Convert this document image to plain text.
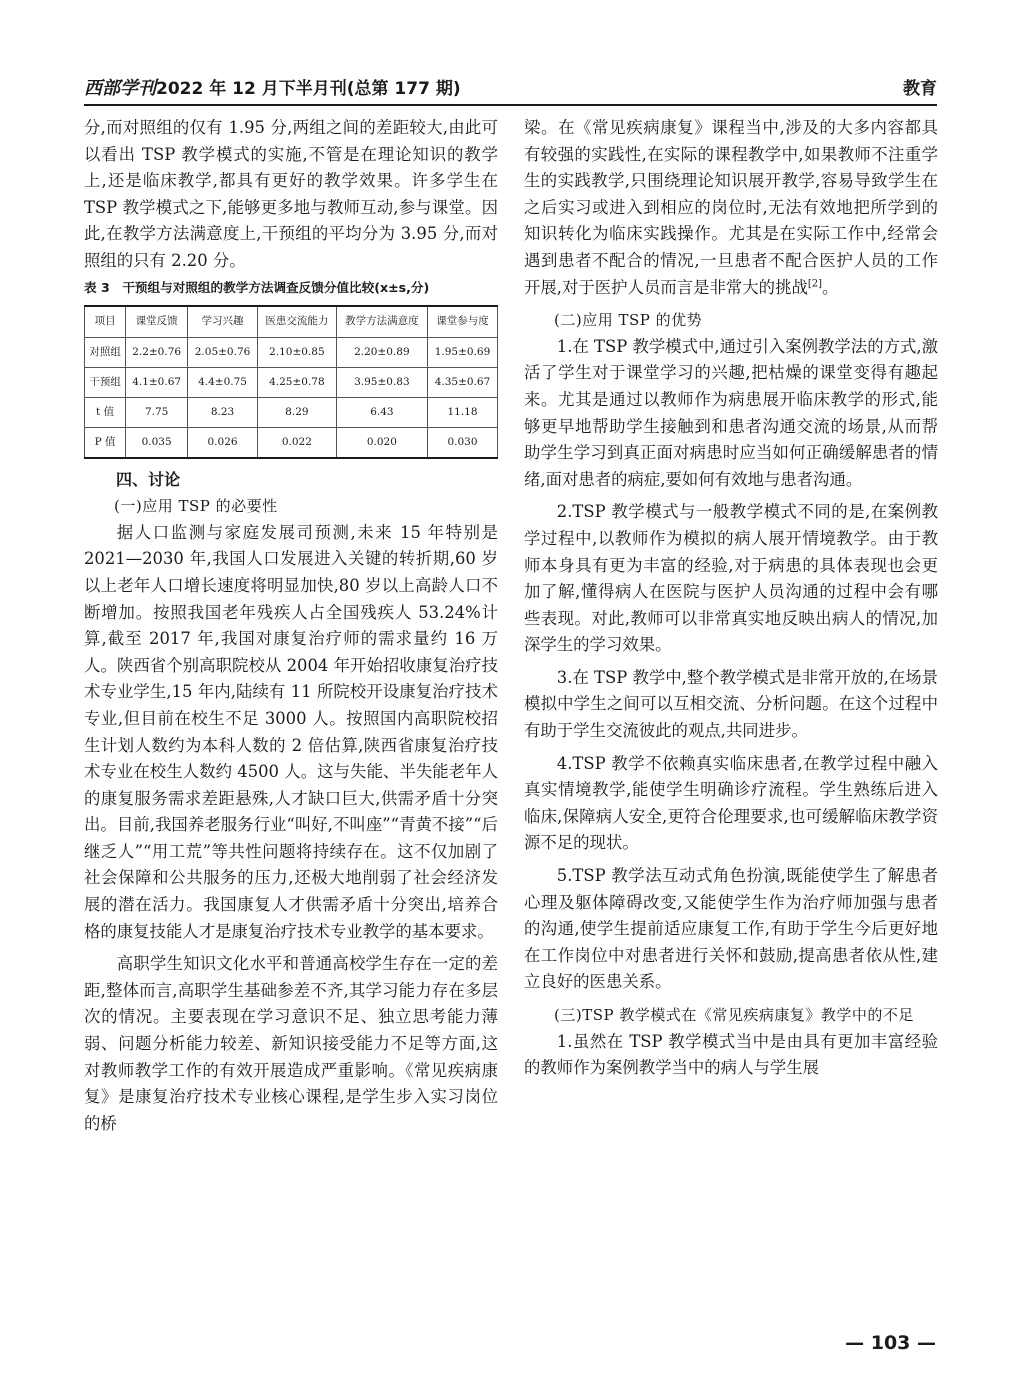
西部学刊2022 年 12 月下半月刊(总第 177 期)	教育

分,而对照组的仅有 1.95 分,两组之间的差距较大,由此可以看出 TSP 教学模式的实施,不管是在理论知识的教学上,还是临床教学,都具有更好的教学效果。许多学生在 TSP 教学模式之下,能够更多地与教师互动,参与课堂。因此,在教学方法满意度上,干预组的平均分为 3.95 分,而对照组的只有 2.20 分。

表 3　干预组与对照组的教学方法调查反馈分值比较(x±s,分)
项目	课堂反馈	学习兴趣	医患交流能力	教学方法满意度	课堂参与度
对照组	2.2±0.76	2.05±0.76	2.10±0.85	2.20±0.89	1.95±0.69
干预组	4.1±0.67	4.4±0.75	4.25±0.78	3.95±0.83	4.35±0.67
t 值	7.75	8.23	8.29	6.43	11.18
P 值	0.035	0.026	0.022	0.020	0.030
四、讨论
(一)应用 TSP 的必要性

据人口监测与家庭发展司预测,未来 15 年特别是 2021—2030 年,我国人口发展进入关键的转折期,60 岁以上老年人口增长速度将明显加快,80 岁以上高龄人口不断增加。按照我国老年残疾人占全国残疾人 53.24%计算,截至 2017 年,我国对康复治疗师的需求量约 16 万人。陕西省个别高职院校从 2004 年开始招收康复治疗技术专业学生,15 年内,陆续有 11 所院校开设康复治疗技术专业,但目前在校生不足 3000 人。按照国内高职院校招生计划人数约为本科人数的 2 倍估算,陕西省康复治疗技术专业在校生人数约 4500 人。这与失能、半失能老年人的康复服务需求差距悬殊,人才缺口巨大,供需矛盾十分突出。目前,我国养老服务行业“叫好,不叫座”“青黄不接”“后继乏人”“用工荒”等共性问题将持续存在。这不仅加剧了社会保障和公共服务的压力,还极大地削弱了社会经济发展的潜在活力。我国康复人才供需矛盾十分突出,培养合格的康复技能人才是康复治疗技术专业教学的基本要求。

高职学生知识文化水平和普通高校学生存在一定的差距,整体而言,高职学生基础参差不齐,其学习能力存在多层次的情况。主要表现在学习意识不足、独立思考能力薄弱、问题分析能力较差、新知识接受能力不足等方面,这对教师教学工作的有效开展造成严重影响。《常见疾病康复》是康复治疗技术专业核心课程,是学生步入实习岗位的桥

梁。在《常见疾病康复》课程当中,涉及的大多内容都具有较强的实践性,在实际的课程教学中,如果教师不注重学生的实践教学,只围绕理论知识展开教学,容易导致学生在之后实习或进入到相应的岗位时,无法有效地把所学到的知识转化为临床实践操作。尤其是在实际工作中,经常会遇到患者不配合的情况,一旦患者不配合医护人员的工作开展,对于医护人员而言是非常大的挑战[2]。

(二)应用 TSP 的优势

1.在 TSP 教学模式中,通过引入案例教学法的方式,激活了学生对于课堂学习的兴趣,把枯燥的课堂变得有趣起来。尤其是通过以教师作为病患展开临床教学的形式,能够更早地帮助学生接触到和患者沟通交流的场景,从而帮助学生学习到真正面对病患时应当如何正确缓解患者的情绪,面对患者的病症,要如何有效地与患者沟通。

2.TSP 教学模式与一般教学模式不同的是,在案例教学过程中,以教师作为模拟的病人展开情境教学。由于教师本身具有更为丰富的经验,对于病患的具体表现也会更加了解,懂得病人在医院与医护人员沟通的过程中会有哪些表现。对此,教师可以非常真实地反映出病人的情况,加深学生的学习效果。

3.在 TSP 教学中,整个教学模式是非常开放的,在场景模拟中学生之间可以互相交流、分析问题。在这个过程中有助于学生交流彼此的观点,共同进步。

4.TSP 教学不依赖真实临床患者,在教学过程中融入真实情境教学,能使学生明确诊疗流程。学生熟练后进入临床,保障病人安全,更符合伦理要求,也可缓解临床教学资源不足的现状。

5.TSP 教学法互动式角色扮演,既能使学生了解患者心理及躯体障碍改变,又能使学生作为治疗师加强与患者的沟通,使学生提前适应康复工作,有助于学生今后更好地在工作岗位中对患者进行关怀和鼓励,提高患者依从性,建立良好的医患关系。

(三)TSP 教学模式在《常见疾病康复》教学中的不足

1.虽然在 TSP 教学模式当中是由具有更加丰富经验的教师作为案例教学当中的病人与学生展

— 103 —
